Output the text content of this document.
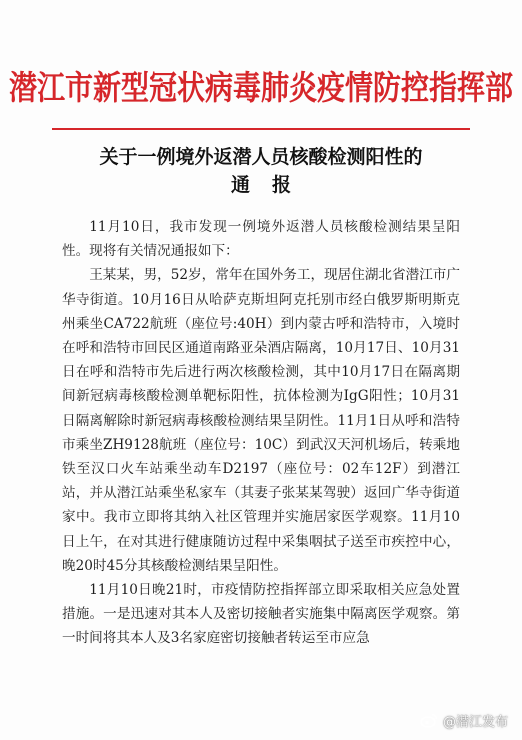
潜江市新型冠状病毒肺炎疫情防控指挥部
关于一例境外返潜人员核酸检测阳性的
通报

11月10日，我市发现一例境外返潜人员核酸检测结果呈阳性。现将有关情况通报如下：

王某某，男，52岁，常年在国外务工，现居住湖北省潜江市广华寺街道。10月16日从哈萨克斯坦阿克托别市经白俄罗斯明斯克州乘坐CA722航班（座位号:40H）到内蒙古呼和浩特市，入境时在呼和浩特市回民区通道南路亚朵酒店隔离，10月17日、10月31日在呼和浩特市先后进行两次核酸检测，其中10月17日在隔离期间新冠病毒核酸检测单靶标阳性，抗体检测为IgG阳性；10月31日隔离解除时新冠病毒核酸检测结果呈阴性。11月1日从呼和浩特市乘坐ZH9128航班（座位号：10C）到武汉天河机场后，转乘地铁至汉口火车站乘坐动车D2197（座位号：02车12F）到潜江站，并从潜江站乘坐私家车（其妻子张某某驾驶）返回广华寺街道家中。我市立即将其纳入社区管理并实施居家医学观察。11月10日上午，在对其进行健康随访过程中采集咽拭子送至市疾控中心，晚20时45分其核酸检测结果呈阳性。

11月10日晚21时，市疫情防控指挥部立即采取相关应急处置措施。一是迅速对其本人及密切接触者实施集中隔离医学观察。第一时间将其本人及3名家庭密切接触者转运至市应急

@潜江发布
